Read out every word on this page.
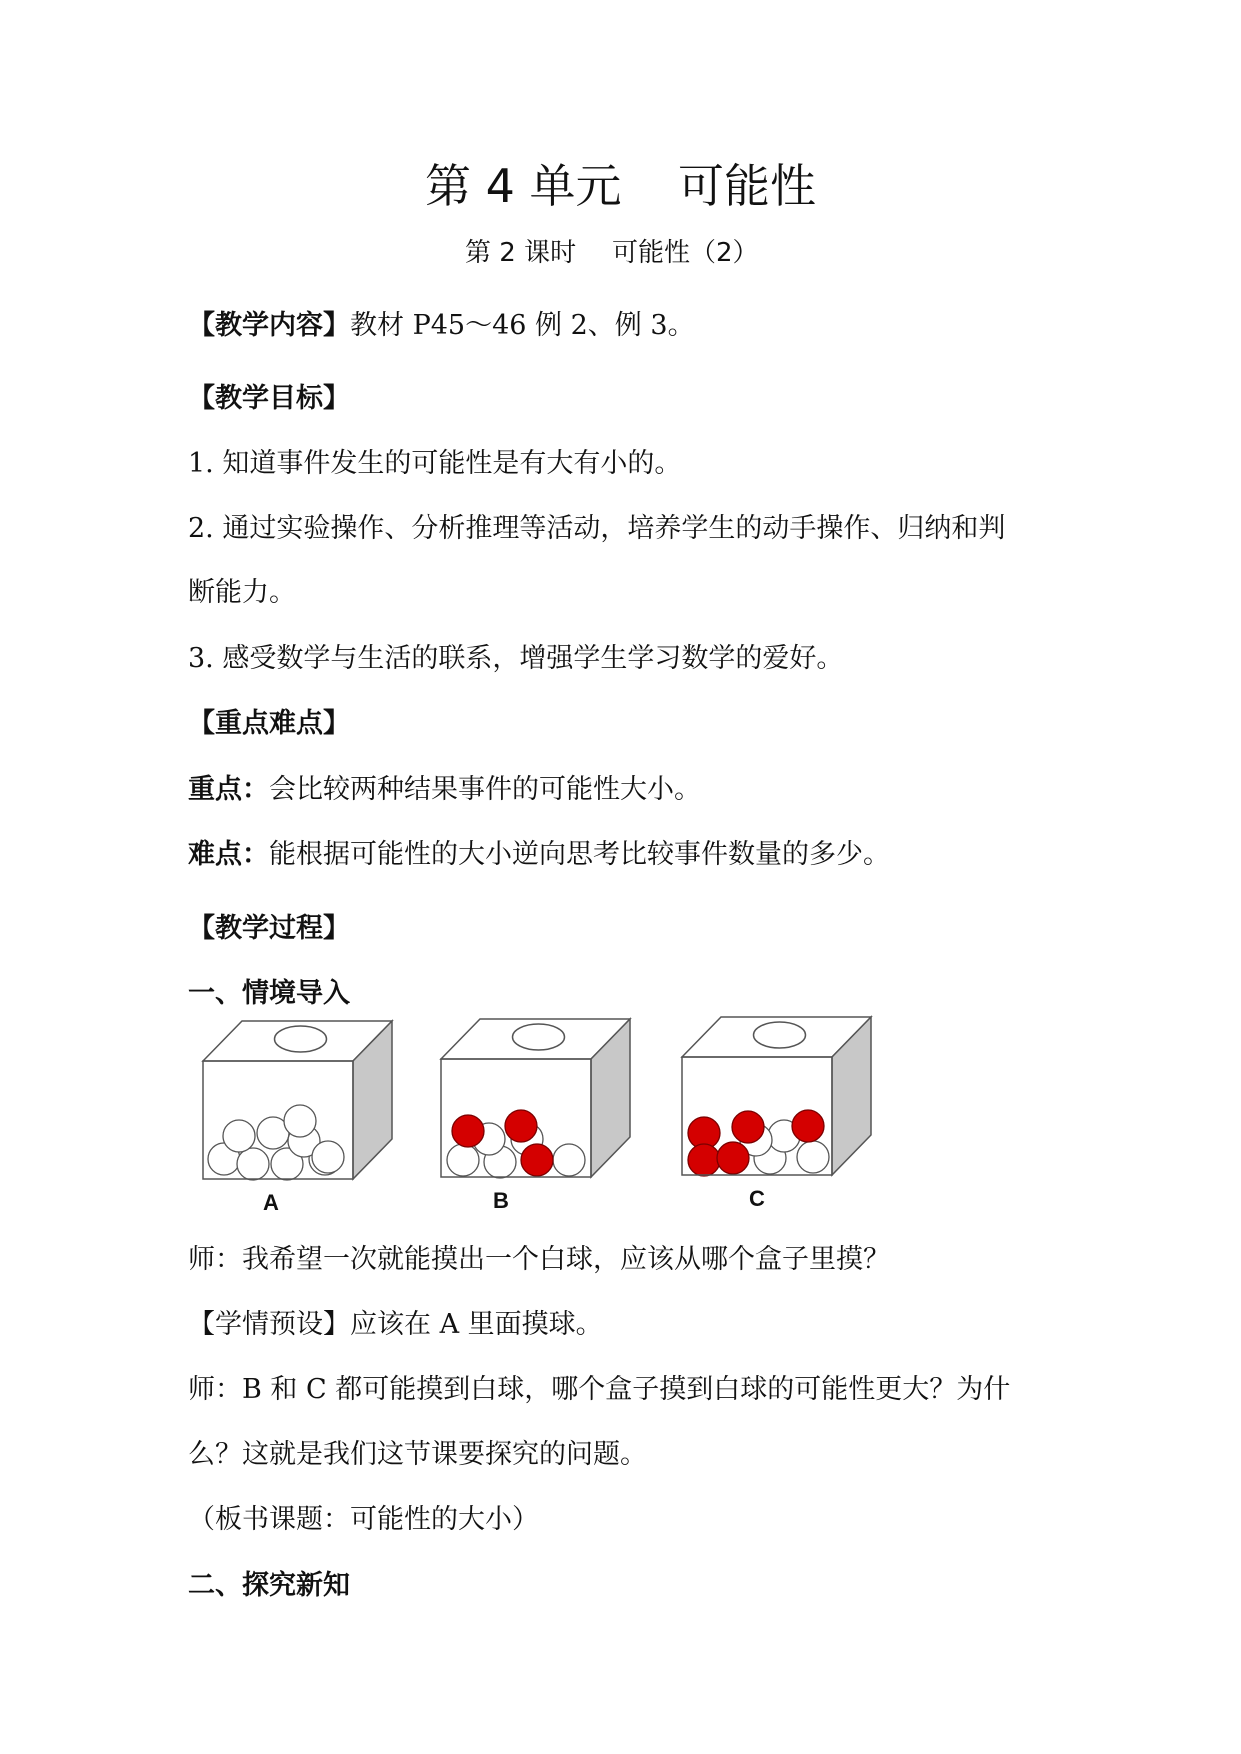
第 4 单元 可能性
第 2 课时 可能性（2）
【教学内容】教材 P45～46 例 2、例 3。
【教学目标】
1. 知道事件发生的可能性是有大有小的。
2. 通过实验操作、分析推理等活动，培养学生的动手操作、归纳和判
断能力。
3. 感受数学与生活的联系，增强学生学习数学的爱好。
【重点难点】
重点：会比较两种结果事件的可能性大小。
难点：能根据可能性的大小逆向思考比较事件数量的多少。
【教学过程】
一、情境导入
A	B	C
师：我希望一次就能摸出一个白球，应该从哪个盒子里摸？
【学情预设】应该在 A 里面摸球。
师：B 和 C 都可能摸到白球，哪个盒子摸到白球的可能性更大？为什
么？这就是我们这节课要探究的问题。
（板书课题：可能性的大小）
二、探究新知
